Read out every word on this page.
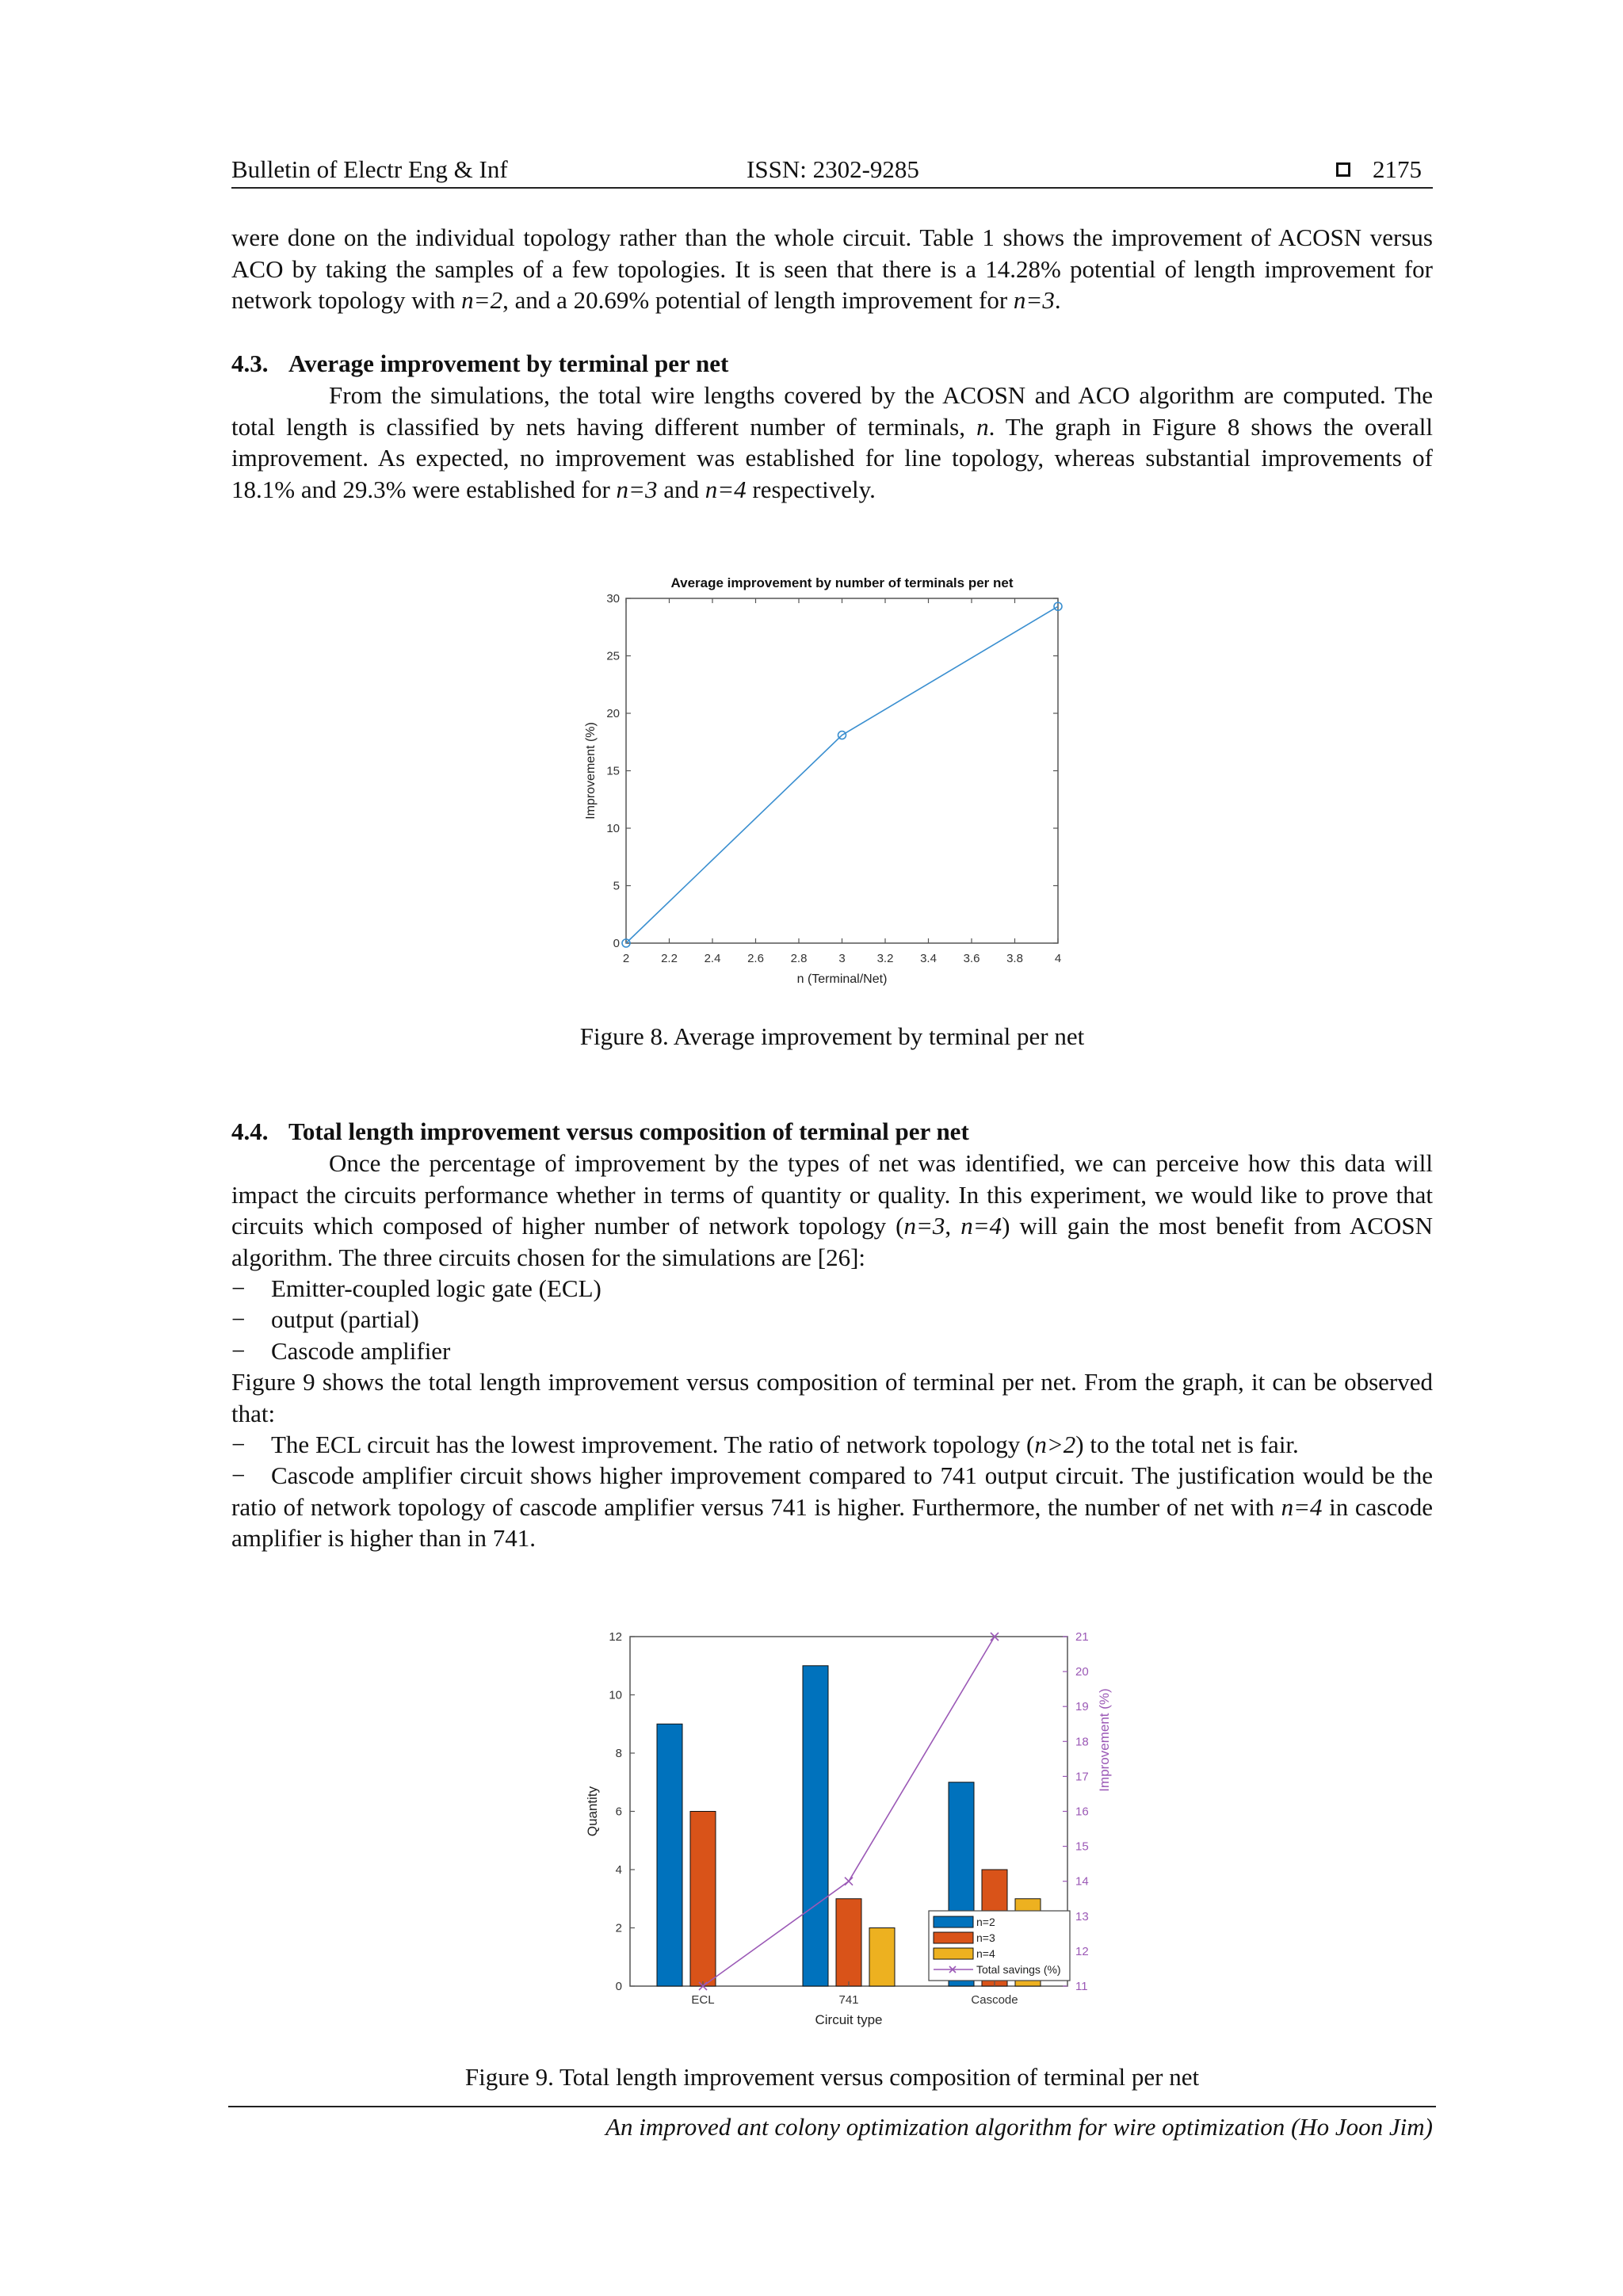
Bulletin of Electr Eng & Inf	ISSN: 2302-9285	2175
were done on the individual topology rather than the whole circuit. Table 1 shows the improvement of ACOSN versus ACO by taking the samples of a few topologies. It is seen that there is a 14.28% potential of length improvement for network topology with n=2, and a 20.69% potential of length improvement for n=3.
4.3. Average improvement by terminal per net
From the simulations, the total wire lengths covered by the ACOSN and ACO algorithm are computed. The total length is classified by nets having different number of terminals, n. The graph in Figure 8 shows the overall improvement. As expected, no improvement was established for line topology, whereas substantial improvements of 18.1% and 29.3% were established for n=3 and n=4 respectively.
Average improvement by number of terminals per net
2	2.2 2.4 2.6 2.8	3	3.2 3.4 3.6 3.8	4
0
5
10
15
20
25
30
n (Terminal/Net)
Improvement (%)
Figure 8. Average improvement by terminal per net
4.4. Total length improvement versus composition of terminal per net
Once the percentage of improvement by the types of net was identified, we can perceive how this data will impact the circuits performance whether in terms of quantity or quality. In this experiment, we would like to prove that circuits which composed of higher number of network topology (n=3, n=4) will gain the most benefit from ACOSN algorithm. The three circuits chosen for the simulations are [26]:
− Emitter-coupled logic gate (ECL)
− output (partial)
− Cascode amplifier
Figure 9 shows the total length improvement versus composition of terminal per net. From the graph, it can be observed that:
− The ECL circuit has the lowest improvement. The ratio of network topology (n>2) to the total net is fair.
− Cascode amplifier circuit shows higher improvement compared to 741 output circuit. The justification would be the ratio of network topology of cascode amplifier versus 741 is higher. Furthermore, the number of net with n=4 in cascode amplifier is higher than in 741.
0
2
4
6
8
10
12
11
12
13
14
15
16
17
18
19
20
21
ECL	741	Cascode
Circuit type
Quantity
Improvement (%)
n=2
n=3
n=4
Total savings (%)
Figure 9. Total length improvement versus composition of terminal per net
An improved ant colony optimization algorithm for wire optimization (Ho Joon Jim)
